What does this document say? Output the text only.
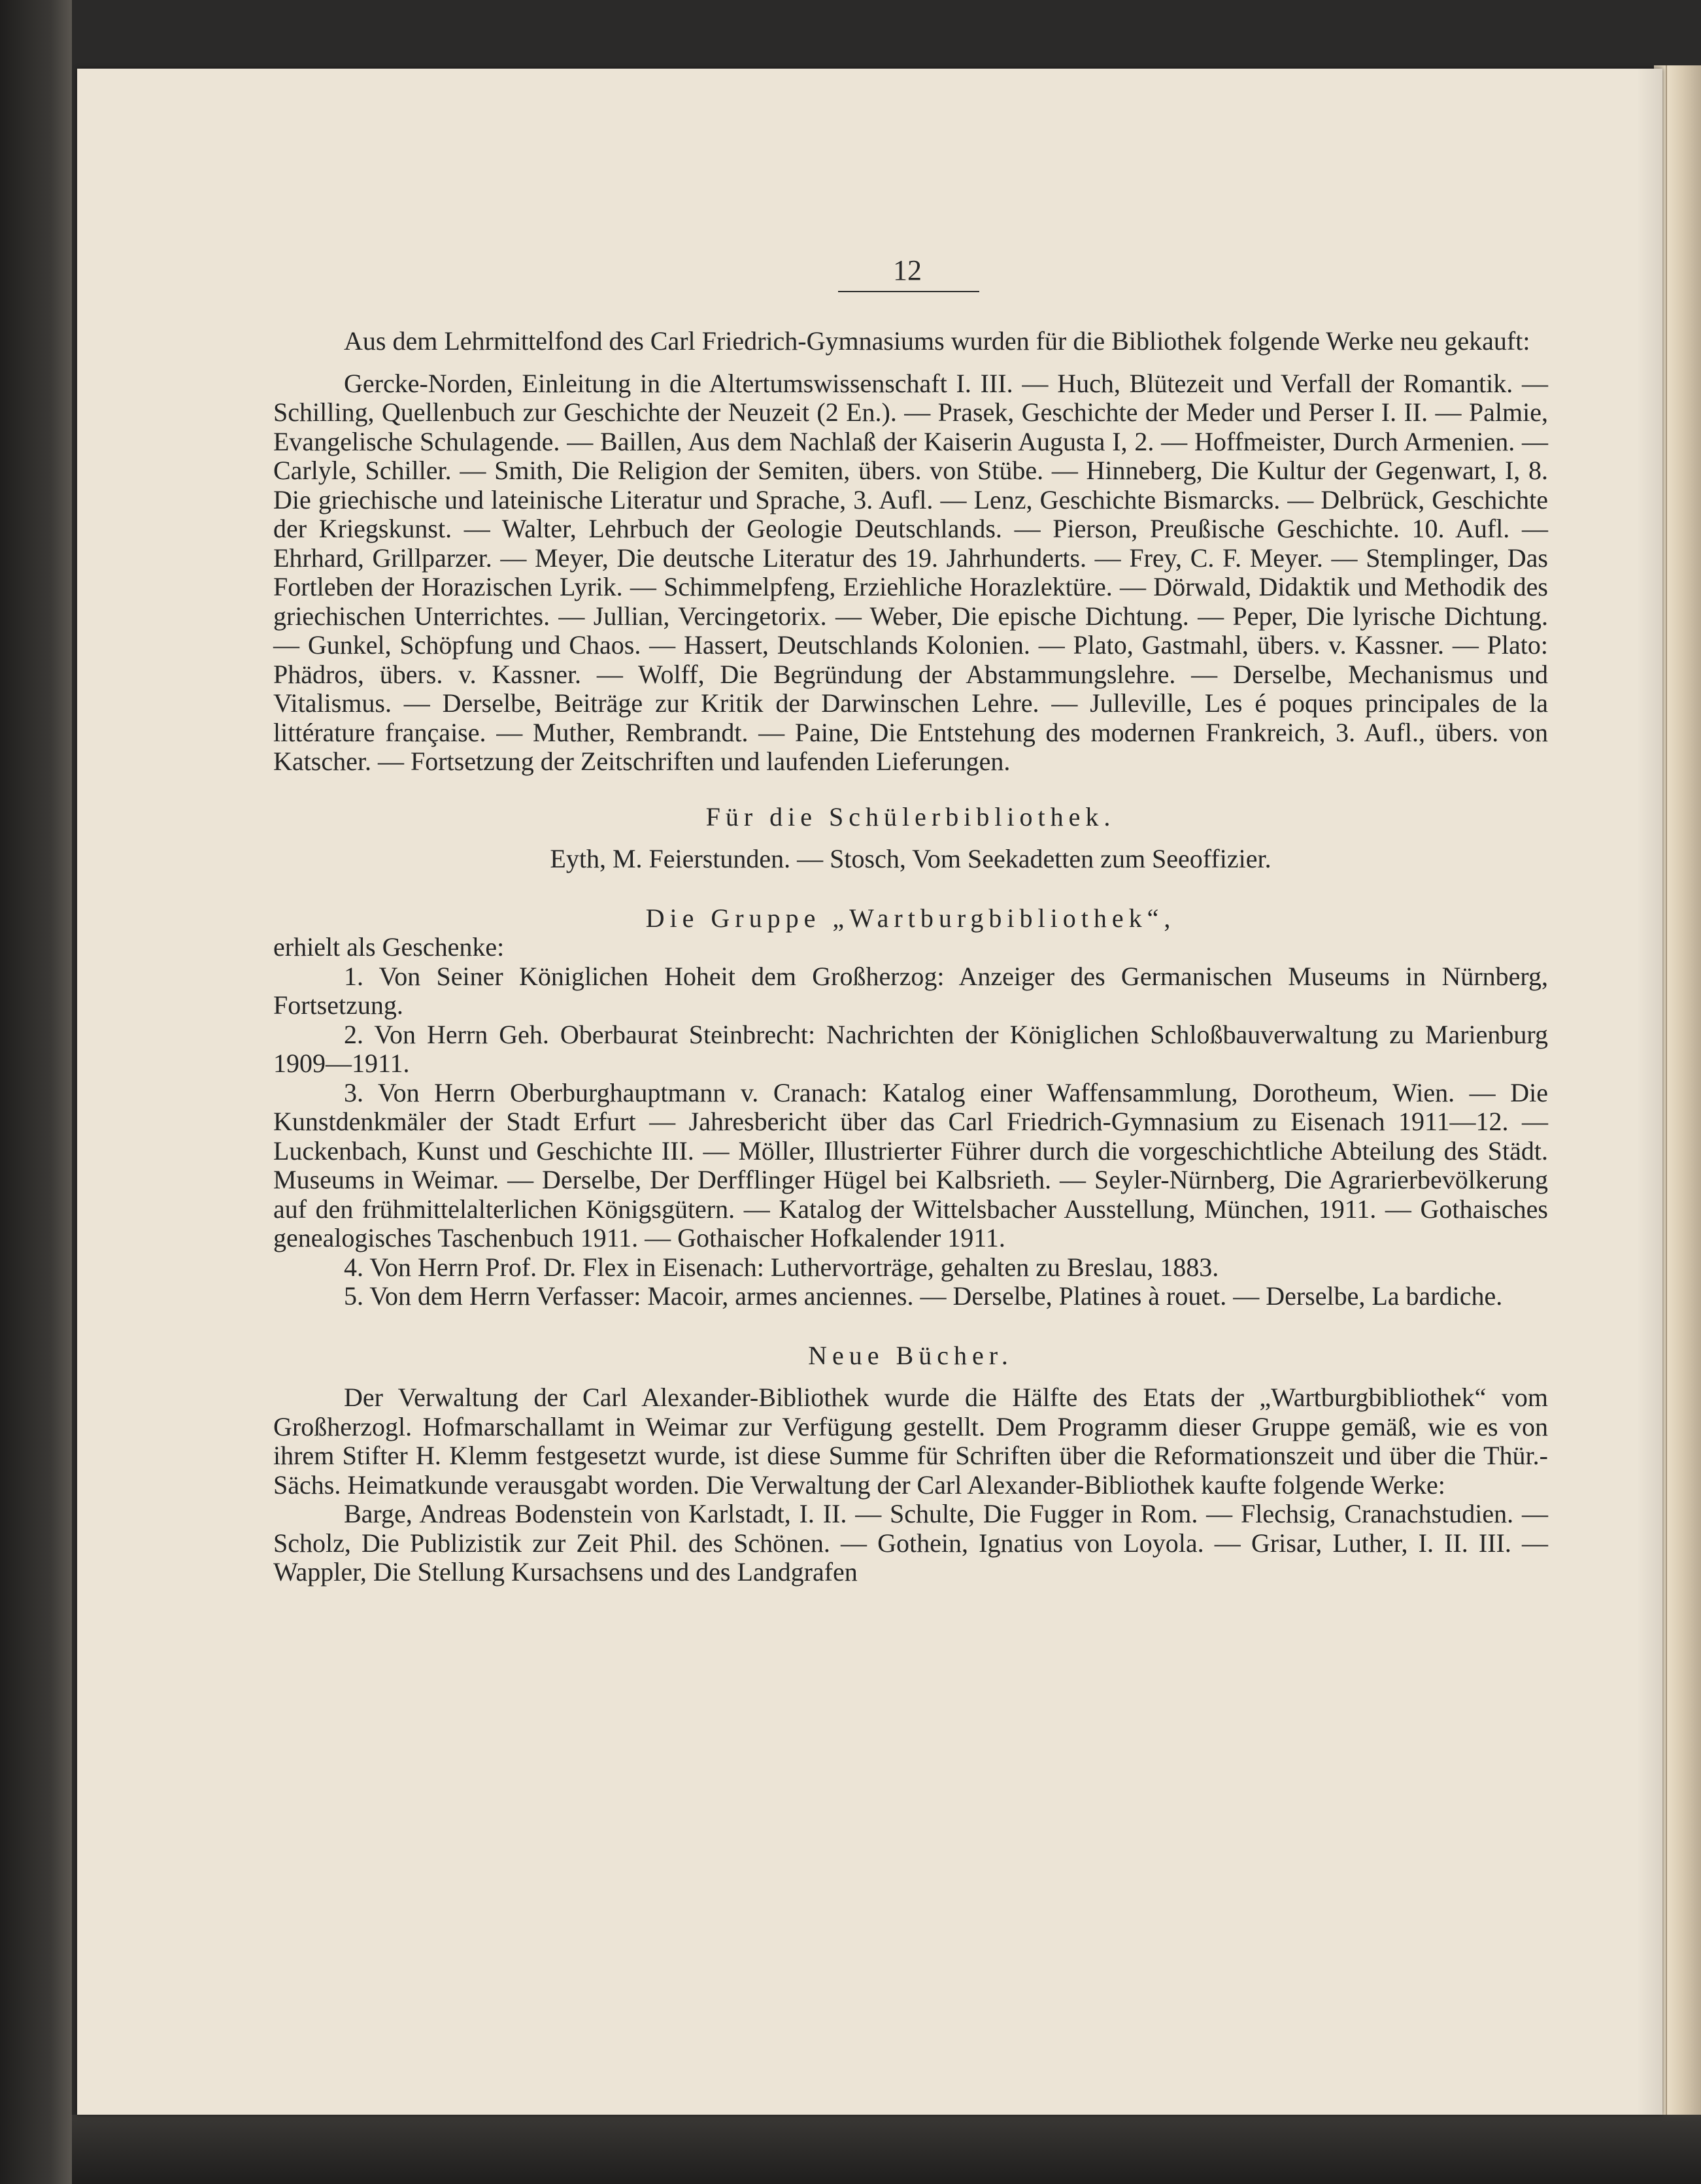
12

Aus dem Lehrmittelfond des Carl Friedrich-Gymnasiums wurden für die Bibliothek folgende Werke neu gekauft:

Gercke-Norden, Einleitung in die Altertumswissenschaft I. III. — Huch, Blütezeit und Verfall der Romantik. — Schilling, Quellenbuch zur Geschichte der Neuzeit (2 En.). — Prasek, Geschichte der Meder und Perser I. II. — Palmie, Evangelische Schulagende. — Baillen, Aus dem Nachlaß der Kaiserin Augusta I, 2. — Hoffmeister, Durch Armenien. — Carlyle, Schiller. — Smith, Die Religion der Semiten, übers. von Stübe. — Hinneberg, Die Kultur der Gegenwart, I, 8. Die griechische und lateinische Literatur und Sprache, 3. Aufl. — Lenz, Geschichte Bismarcks. — Delbrück, Geschichte der Kriegskunst. — Walter, Lehrbuch der Geologie Deutschlands. — Pierson, Preußische Geschichte. 10. Aufl. — Ehrhard, Grillparzer. — Meyer, Die deutsche Literatur des 19. Jahrhunderts. — Frey, C. F. Meyer. — Stemplinger, Das Fortleben der Horazischen Lyrik. — Schimmelpfeng, Erziehliche Horazlektüre. — Dörwald, Didaktik und Methodik des griechischen Unterrichtes. — Jullian, Vercingetorix. — Weber, Die epische Dichtung. — Peper, Die lyrische Dichtung. — Gunkel, Schöpfung und Chaos. — Hassert, Deutschlands Kolonien. — Plato, Gastmahl, übers. v. Kassner. — Plato: Phädros, übers. v. Kassner. — Wolff, Die Begründung der Abstammungslehre. — Derselbe, Mechanismus und Vitalismus. — Derselbe, Beiträge zur Kritik der Darwinschen Lehre. — Julleville, Les é poques principales de la littérature française. — Muther, Rembrandt. — Paine, Die Entstehung des modernen Frankreich, 3. Aufl., übers. von Katscher. — Fortsetzung der Zeitschriften und laufenden Lieferungen.

Für die Schülerbibliothek.

Eyth, M. Feierstunden. — Stosch, Vom Seekadetten zum Seeoffizier.

Die Gruppe „Wartburgbibliothek“,

erhielt als Geschenke:

1. Von Seiner Königlichen Hoheit dem Großherzog: Anzeiger des Germanischen Museums in Nürnberg, Fortsetzung.

2. Von Herrn Geh. Oberbaurat Steinbrecht: Nachrichten der Königlichen Schloßbauverwaltung zu Marienburg 1909—1911.

3. Von Herrn Oberburghauptmann v. Cranach: Katalog einer Waffensammlung, Dorotheum, Wien. — Die Kunstdenkmäler der Stadt Erfurt — Jahresbericht über das Carl Friedrich-Gymnasium zu Eisenach 1911—12. — Luckenbach, Kunst und Geschichte III. — Möller, Illustrierter Führer durch die vorgeschichtliche Abteilung des Städt. Museums in Weimar. — Derselbe, Der Derfflinger Hügel bei Kalbsrieth. — Seyler-Nürnberg, Die Agrarierbevölkerung auf den frühmittelalterlichen Königsgütern. — Katalog der Wittelsbacher Ausstellung, München, 1911. — Gothaisches genealogisches Taschenbuch 1911. — Gothaischer Hofkalender 1911.

4. Von Herrn Prof. Dr. Flex in Eisenach: Luthervorträge, gehalten zu Breslau, 1883.

5. Von dem Herrn Verfasser: Macoir, armes anciennes. — Derselbe, Platines à rouet. — Derselbe, La bardiche.

Neue Bücher.

Der Verwaltung der Carl Alexander-Bibliothek wurde die Hälfte des Etats der „Wartburgbibliothek“ vom Großherzogl. Hofmarschallamt in Weimar zur Verfügung gestellt. Dem Programm dieser Gruppe gemäß, wie es von ihrem Stifter H. Klemm festgesetzt wurde, ist diese Summe für Schriften über die Reformationszeit und über die Thür.-Sächs. Heimatkunde verausgabt worden. Die Verwaltung der Carl Alexander-Bibliothek kaufte folgende Werke:

Barge, Andreas Bodenstein von Karlstadt, I. II. — Schulte, Die Fugger in Rom. — Flechsig, Cranachstudien. — Scholz, Die Publizistik zur Zeit Phil. des Schönen. — Gothein, Ignatius von Loyola. — Grisar, Luther, I. II. III. — Wappler, Die Stellung Kursachsens und des Landgrafen
